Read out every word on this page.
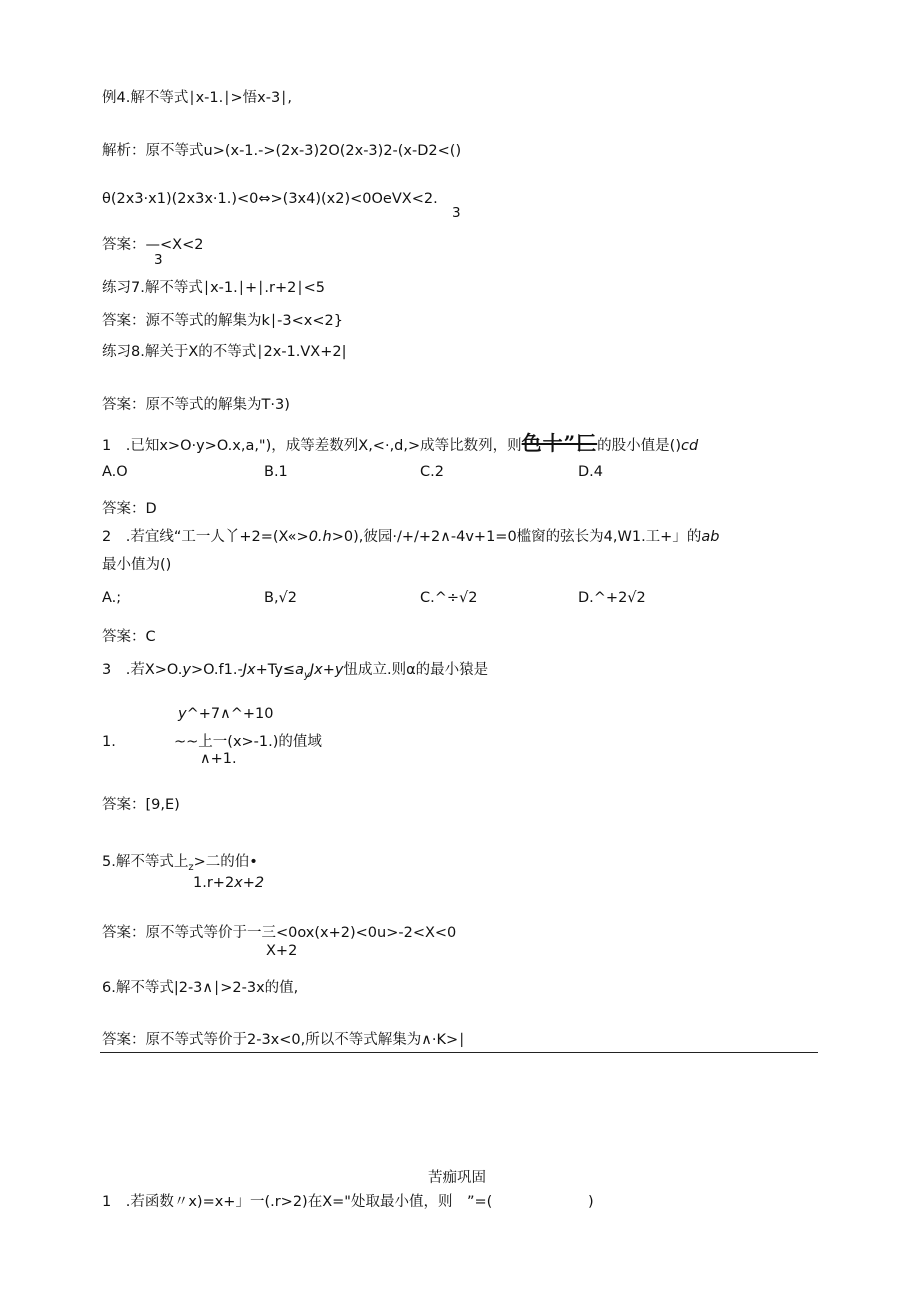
例4.解不等式∣x-1.∣>悟x-3∣,
解析：原不等式u>(x-1.->(2x-3)2O(2x-3)2-(x-D2<()
θ(2x3·x1)(2x3x·1.)<0⇔>(3x4)(x2)<0OeVX<2.
3
答案：—<X<2
3
练习7.解不等式∣x-1.∣+∣.r+2∣<5
答案：源不等式的解集为k∣-3<x<2}
练习8.解关于X的不等式∣2x-1.VX+2|
答案：原不等式的解集为T·3)
1　.已知x>O·y>O.x,a,")，成等差数列X,<·,d,>成等比数列，则色十”匚的股小值是()cd
A.O	B.1	C.2	D.4
答案：D
2　.若宜线“工一人丫+2=(X«>0.h>0),彼园·/+/+2∧-4v+1=0槛窗的弦长为4,W1.工+」的ab
最小值为()
A.;	B,√2	C.^÷√2	D.^+2√2
答案：C
3　.若$X>O.y>O.f1.-Jx+Ty\le a_yJx+y$忸成立.则α的最小猿是
y^+7∧^+10
1.	~~上一(x>-1.)的值域
∧+1.
答案：[9,E)
5.解不等式上$_z$>二的伯•
1.r+2x+2
答案：原不等式等价于一三<0ox(x+2)<0u>-2<X<0
X+2
6.解不等式|2-3∧∣>2-3x的值,
答案：原不等式等价于2-3x<0,所以不等式解集为∧·K>∣
苦痂巩固
1　.若函数〃x)=x+」一(.r>2)在X="处取最小值，则　”=(	)
